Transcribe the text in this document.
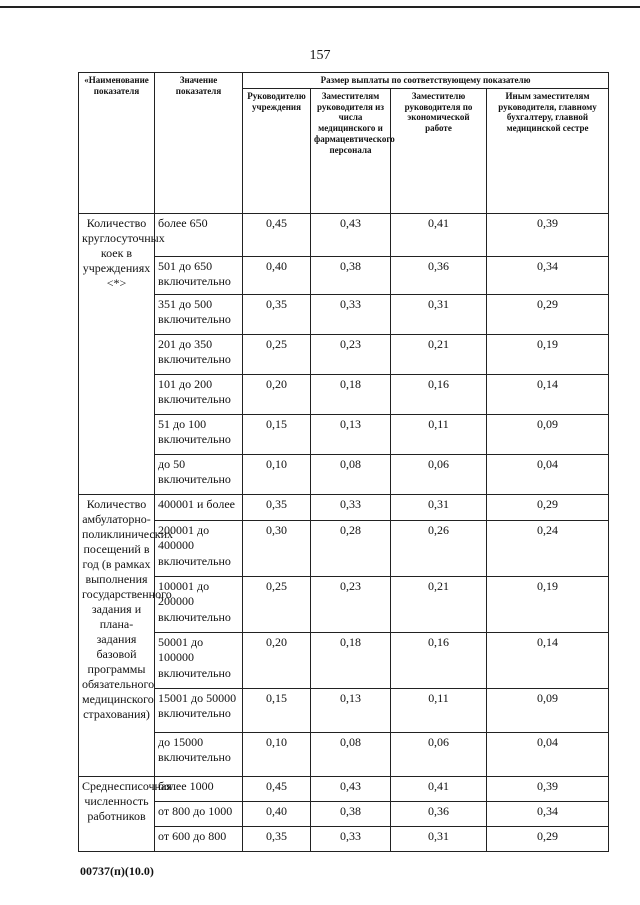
157
«Наименование показателя	Значение показателя	Размер выплаты по соответствующему показателю			
		Руководителю учреждения	Заместителям руководителя из числа медицинского и фармацевтического персонала	Заместителю руководителя по экономической работе	Иным заместителям руководителя, главному бухгалтеру, главной медицинской сестре
Количество круглосуточных коек в учреждениях <*>	более 650	0,45	0,43	0,41	0,39
	501 до 650 включительно	0,40	0,38	0,36	0,34
	351 до 500 включительно	0,35	0,33	0,31	0,29
	201 до 350 включительно	0,25	0,23	0,21	0,19
	101 до 200 включительно	0,20	0,18	0,16	0,14
	51 до 100 включительно	0,15	0,13	0,11	0,09
	до 50 включительно	0,10	0,08	0,06	0,04
Количество амбулаторно-поликлинических посещений в год (в рамках выполнения государственного задания и плана-задания базовой программы обязательного медицинского страхования)	400001 и более	0,35	0,33	0,31	0,29
	200001 до 400000 включительно	0,30	0,28	0,26	0,24
	100001 до 200000 включительно	0,25	0,23	0,21	0,19
	50001 до 100000 включительно	0,20	0,18	0,16	0,14
	15001 до 50000 включительно	0,15	0,13	0,11	0,09
	до 15000 включительно	0,10	0,08	0,06	0,04
Среднесписочная численность работников	более 1000	0,45	0,43	0,41	0,39
	от 800 до 1000	0,40	0,38	0,36	0,34
	от 600 до 800	0,35	0,33	0,31	0,29
00737(п)(10.0)
